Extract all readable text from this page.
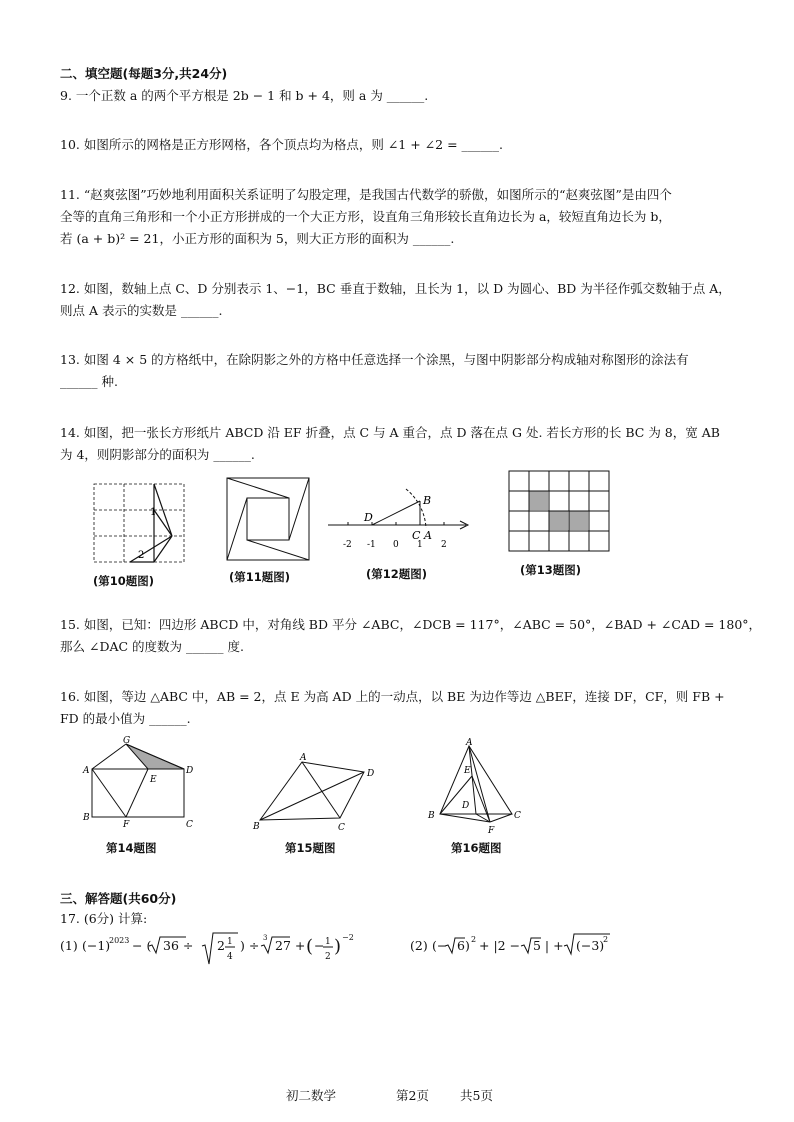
二、填空题(每题3分,共24分)
9. 一个正数 a 的两个平方根是 2b − 1 和 b + 4，则 a 为 ______.
10. 如图所示的网格是正方形网格，各个顶点均为格点，则 ∠1 + ∠2 = ______.
11. “赵爽弦图”巧妙地利用面积关系证明了勾股定理，是我国古代数学的骄傲，如图所示的“赵爽弦图”是由四个
全等的直角三角形和一个小正方形拼成的一个大正方形，设直角三角形较长直角边长为 a，较短直角边长为 b，
若 (a + b)² = 21，小正方形的面积为 5，则大正方形的面积为 ______.
12. 如图，数轴上点 C、D 分别表示 1、−1，BC 垂直于数轴，且长为 1，以 D 为圆心、BD 为半径作弧交数轴于点 A，
则点 A 表示的实数是 ______.
13. 如图 4 × 5 的方格纸中，在除阴影之外的方格中任意选择一个涂黑，与图中阴影部分构成轴对称图形的涂法有
______ 种.
14. 如图，把一张长方形纸片 ABCD 沿 EF 折叠，点 C 与 A 重合，点 D 落在点 G 处. 若长方形的长 BC 为 8，宽 AB
为 4，则阴影部分的面积为 ______.
1
2
(第10题图)	(第11题图)
B
D
C A
-2 -1 0 1 2
(第12题图)	(第13题图)
15. 如图，已知：四边形 ABCD 中，对角线 BD 平分 ∠ABC，∠DCB = 117°，∠ABC = 50°，∠BAD + ∠CAD = 180°，
那么 ∠DAC 的度数为 ______ 度.
16. 如图，等边 △ABC 中，AB = 2，点 E 为高 AD 上的一动点，以 BE 为边作等边 △BEF，连接 DF，CF，则 FB +
FD 的最小值为 ______.
G
A	D
E
B
F	C
第14题图
A
B	C
D
第15题图
A
E
D
B	C
F
第16题图
三、解答题(共60分)
17. (6分) 计算:
(1) (−1)
2023 − ( 36 ÷ 2 1
4
) ÷ 3 27 + ( − 1
2 ) −2
(2) (− 6) 2 + |2 − 5 | + (−3)
2
初二数学	第2页 共5页
